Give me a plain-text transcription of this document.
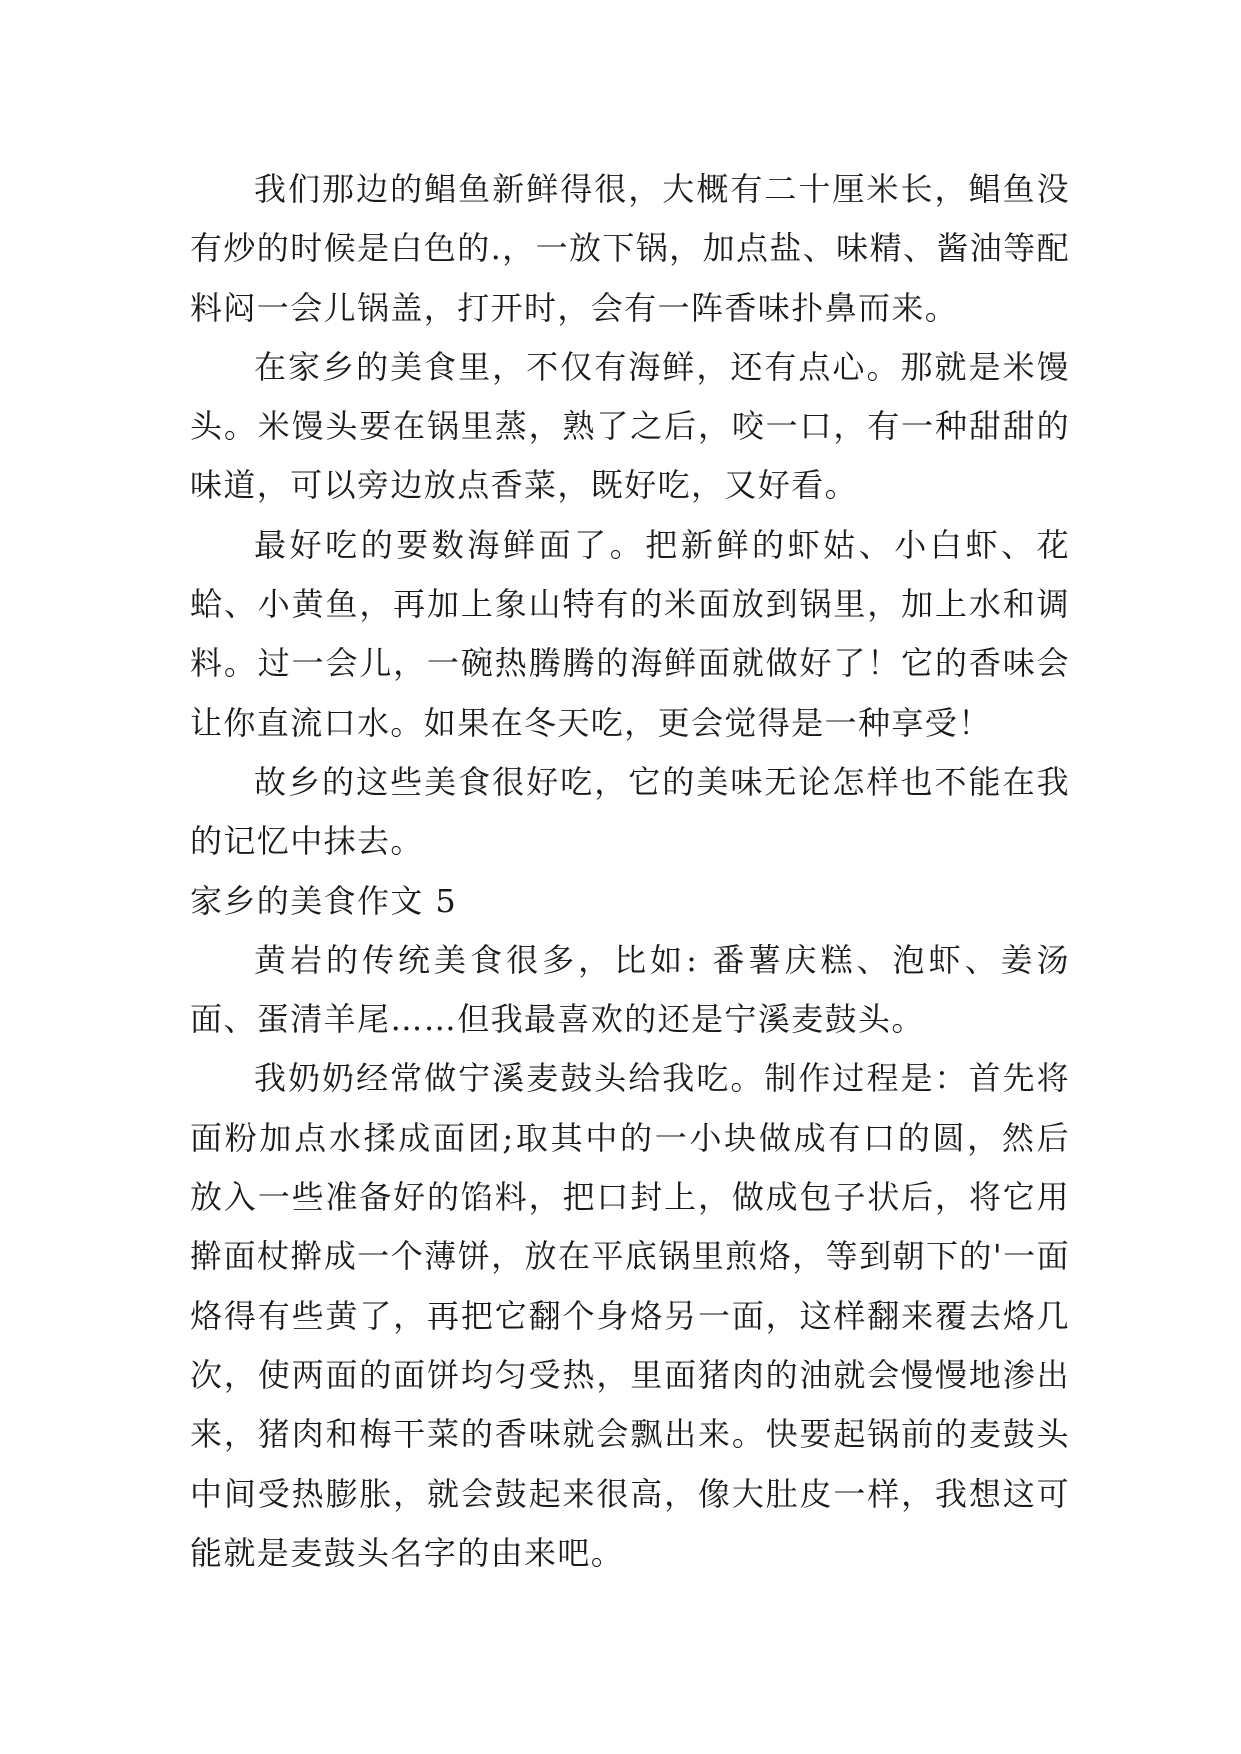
我们那边的鲳鱼新鲜得很，大概有二十厘米长，鲳鱼没有炒的时候是白色的.，一放下锅，加点盐、味精、酱油等配料闷一会儿锅盖，打开时，会有一阵香味扑鼻而来。

在家乡的美食里，不仅有海鲜，还有点心。那就是米馒头。米馒头要在锅里蒸，熟了之后，咬一口，有一种甜甜的味道，可以旁边放点香菜，既好吃，又好看。

最好吃的要数海鲜面了。把新鲜的虾姑、小白虾、花蛤、小黄鱼，再加上象山特有的米面放到锅里，加上水和调料。过一会儿，一碗热腾腾的海鲜面就做好了！它的香味会让你直流口水。如果在冬天吃，更会觉得是一种享受！

故乡的这些美食很好吃，它的美味无论怎样也不能在我的记忆中抹去。

家乡的美食作文 5

黄岩的传统美食很多，比如: 番薯庆糕、泡虾、姜汤面、蛋清羊尾……但我最喜欢的还是宁溪麦鼓头。

我奶奶经常做宁溪麦鼓头给我吃。制作过程是：首先将面粉加点水揉成面团;取其中的一小块做成有口的圆，然后放入一些准备好的馅料，把口封上，做成包子状后，将它用擀面杖擀成一个薄饼，放在平底锅里煎烙，等到朝下的'一面烙得有些黄了，再把它翻个身烙另一面，这样翻来覆去烙几次，使两面的面饼均匀受热，里面猪肉的油就会慢慢地渗出来，猪肉和梅干菜的香味就会飘出来。快要起锅前的麦鼓头中间受热膨胀，就会鼓起来很高，像大肚皮一样，我想这可能就是麦鼓头名字的由来吧。
